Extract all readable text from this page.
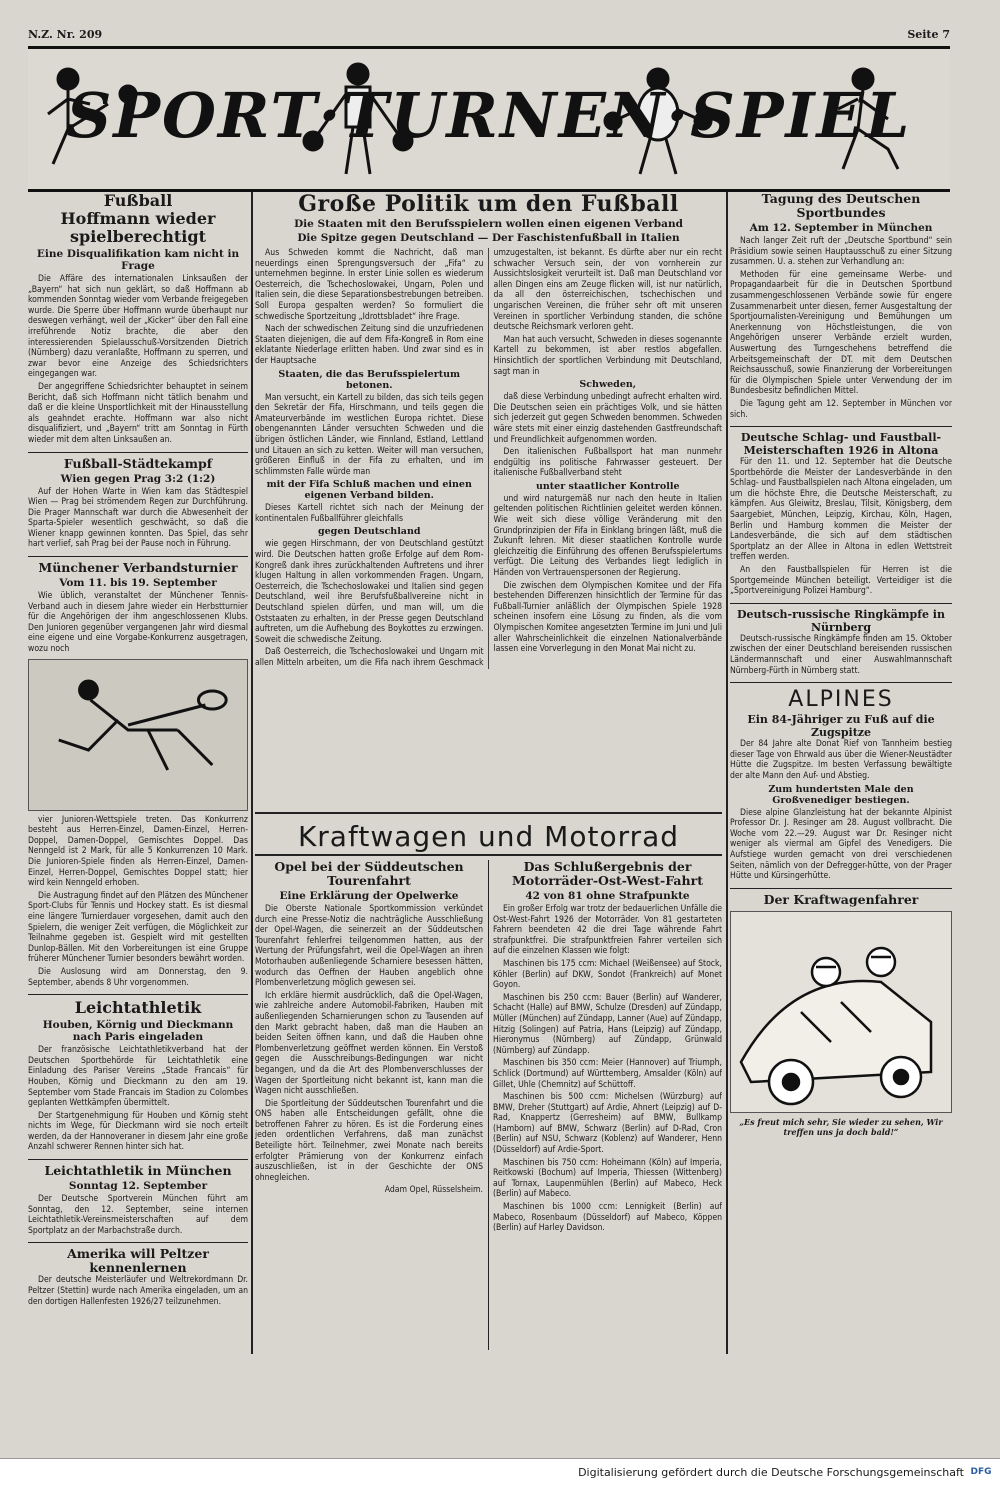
N.Z. Nr. 209	Seite 7
SPORT·TURNEN·SPIEL
Fußball
Hoffmann wieder spielberechtigt
Eine Disqualifikation kam nicht in Frage

Die Affäre des internationalen Linksaußen der „Bayern“ hat sich nun geklärt, so daß Hoffmann ab kommenden Sonntag wieder vom Verbande freigegeben wurde. Die Sperre über Hoffmann wurde überhaupt nur deswegen verhängt, weil der „Kicker“ über den Fall eine irreführende Notiz brachte, die aber den interessierenden Spielausschuß-Vorsitzenden Dietrich (Nürnberg) dazu veranlaßte, Hoffmann zu sperren, und zwar bevor eine Anzeige des Schiedsrichters eingegangen war.

Der angegriffene Schiedsrichter behauptet in seinem Bericht, daß sich Hoffmann nicht tätlich benahm und daß er die kleine Unsportlichkeit mit der Hinausstellung als geahndet erachte. Hoffmann war also nicht disqualifiziert, und „Bayern“ tritt am Sonntag in Fürth wieder mit dem alten Linksaußen an.

Fußball-Städtekampf
Wien gegen Prag 3:2 (1:2)

Auf der Hohen Warte in Wien kam das Städtespiel Wien — Prag bei strömendem Regen zur Durchführung. Die Prager Mannschaft war durch die Abwesenheit der Sparta-Spieler wesentlich geschwächt, so daß die Wiener knapp gewinnen konnten. Das Spiel, das sehr hart verlief, sah Prag bei der Pause noch in Führung.

Münchener Verbandsturnier
Vom 11. bis 19. September

Wie üblich, veranstaltet der Münchener Tennis-Verband auch in diesem Jahre wieder ein Herbstturnier für die Angehörigen der ihm angeschlossenen Klubs. Den Junioren gegenüber vergangenen Jahr wird diesmal eine eigene und eine Vorgabe-Konkurrenz ausgetragen, wozu noch

vier Junioren-Wettspiele treten. Das Konkurrenz besteht aus Herren-Einzel, Damen-Einzel, Herren-Doppel, Damen-Doppel, Gemischtes Doppel. Das Nenngeld ist 2 Mark, für alle 5 Konkurrenzen 10 Mark. Die Junioren-Spiele finden als Herren-Einzel, Damen-Einzel, Herren-Doppel, Gemischtes Doppel statt; hier wird kein Nenngeld erhoben.

Die Austragung findet auf den Plätzen des Münchener Sport-Clubs für Tennis und Hockey statt. Es ist diesmal eine längere Turnierdauer vorgesehen, damit auch den Spielern, die weniger Zeit verfügen, die Möglichkeit zur Teilnahme gegeben ist. Gespielt wird mit gestellten Dunlop-Bällen. Mit den Vorbereitungen ist eine Gruppe früherer Münchener Turnier besonders bewährt worden.

Die Auslosung wird am Donnerstag, den 9. September, abends 8 Uhr vorgenommen.

Leichtathletik
Houben, Körnig und Dieckmann nach Paris eingeladen

Der französische Leichtathletikverband hat der Deutschen Sportbehörde für Leichtathletik eine Einladung des Pariser Vereins „Stade Francais“ für Houben, Körnig und Dieckmann zu den am 19. September vom Stade Francais im Stadion zu Colombes geplanten Wettkämpfen übermittelt.

Der Startgenehmigung für Houben und Körnig steht nichts im Wege, für Dieckmann wird sie noch erteilt werden, da der Hannoveraner in diesem Jahr eine große Anzahl schwerer Rennen hinter sich hat.

Leichtathletik in München
Sonntag 12. September

Der Deutsche Sportverein München führt am Sonntag, den 12. September, seine internen Leichtathletik-Vereinsmeisterschaften auf dem Sportplatz an der Marbachstraße durch.

Amerika will Peltzer kennenlernen

Der deutsche Meisterläufer und Weltrekordmann Dr. Peltzer (Stettin) wurde nach Amerika eingeladen, um an den dortigen Hallenfesten 1926/27 teilzunehmen.

Große Politik um den Fußball
Die Staaten mit den Berufsspielern wollen einen eigenen Verband
Die Spitze gegen Deutschland — Der Faschistenfußball in Italien

Aus Schweden kommt die Nachricht, daß man neuerdings einen Sprengungsversuch der „Fifa“ zu unternehmen beginne. In erster Linie sollen es wiederum Oesterreich, die Tschechoslowakei, Ungarn, Polen und Italien sein, die diese Separationsbestrebungen betreiben. Soll Europa gespalten werden? So formuliert die schwedische Sportzeitung „Idrottsbladet“ ihre Frage.

Nach der schwedischen Zeitung sind die unzufriedenen Staaten diejenigen, die auf dem Fifa-Kongreß in Rom eine eklatante Niederlage erlitten haben. Und zwar sind es in der Hauptsache

Staaten, die das Berufsspielertum betonen.

Man versucht, ein Kartell zu bilden, das sich teils gegen den Sekretär der Fifa, Hirschmann, und teils gegen die Amateurverbände im westlichen Europa richtet. Diese obengenannten Länder versuchten Schweden und die übrigen östlichen Länder, wie Finnland, Estland, Lettland und Litauen an sich zu ketten. Weiter will man versuchen, größeren Einfluß in der Fifa zu erhalten, und im schlimmsten Falle würde man

mit der Fifa Schluß machen und einen eigenen Verband bilden.

Dieses Kartell richtet sich nach der Meinung der kontinentalen Fußballführer gleichfalls

gegen Deutschland

wie gegen Hirschmann, der von Deutschland gestützt wird. Die Deutschen hatten große Erfolge auf dem Rom-Kongreß dank ihres zurückhaltenden Auftretens und ihrer klugen Haltung in allen vorkommenden Fragen. Ungarn, Oesterreich, die Tschechoslowakei und Italien sind gegen Deutschland, weil ihre Berufsfußballvereine nicht in Deutschland spielen dürfen, und man will, um die Oststaaten zu erhalten, in der Presse gegen Deutschland auftreten, um die Aufhebung des Boykottes zu erzwingen. Soweit die schwedische Zeitung.

Daß Oesterreich, die Tschechoslowakei und Ungarn mit allen Mitteln arbeiten, um die Fifa nach ihrem Geschmack umzugestalten, ist bekannt. Es dürfte aber nur ein recht schwacher Versuch sein, der von vornherein zur Aussichtslosigkeit verurteilt ist. Daß man Deutschland vor allen Dingen eins am Zeuge flicken will, ist nur natürlich, da all den österreichischen, tschechischen und ungarischen Vereinen, die früher sehr oft mit unseren Vereinen in sportlicher Verbindung standen, die schöne deutsche Reichsmark verloren geht.

Man hat auch versucht, Schweden in dieses sogenannte Kartell zu bekommen, ist aber restlos abgefallen. Hinsichtlich der sportlichen Verbindung mit Deutschland, sagt man in

Schweden,

daß diese Verbindung unbedingt aufrecht erhalten wird. Die Deutschen seien ein prächtiges Volk, und sie hätten sich jederzeit gut gegen Schweden benommen. Schweden wäre stets mit einer einzig dastehenden Gastfreundschaft und Freundlichkeit aufgenommen worden.

Den italienischen Fußballsport hat man nunmehr endgültig ins politische Fahrwasser gesteuert. Der italienische Fußballverband steht

unter staatlicher Kontrolle

und wird naturgemäß nur nach den heute in Italien geltenden politischen Richtlinien geleitet werden können. Wie weit sich diese völlige Veränderung mit den Grundprinzipien der Fifa in Einklang bringen läßt, muß die Zukunft lehren. Mit dieser staatlichen Kontrolle wurde gleichzeitig die Einführung des offenen Berufsspielertums verfügt. Die Leitung des Verbandes liegt lediglich in Händen von Vertrauenspersonen der Regierung.

Die zwischen dem Olympischen Komitee und der Fifa bestehenden Differenzen hinsichtlich der Termine für das Fußball-Turnier anläßlich der Olympischen Spiele 1928 scheinen insofern eine Lösung zu finden, als die vom Olympischen Komitee angesetzten Termine im Juni und Juli aller Wahrscheinlichkeit die einzelnen Nationalverbände lassen eine Vorverlegung in den Monat Mai nicht zu.

Kraftwagen und Motorrad
Opel bei der Süddeutschen Tourenfahrt
Eine Erklärung der Opelwerke

Die Oberste Nationale Sportkommission verkündet durch eine Presse-Notiz die nachträgliche Ausschließung der Opel-Wagen, die seinerzeit an der Süddeutschen Tourenfahrt fehlerfrei teilgenommen hatten, aus der Wertung der Prüfungsfahrt, weil die Opel-Wagen an ihren Motorhauben außenliegende Scharniere besessen hätten, wodurch das Oeffnen der Hauben angeblich ohne Plombenverletzung möglich gewesen sei.

Ich erkläre hiermit ausdrücklich, daß die Opel-Wagen, wie zahlreiche andere Automobil-Fabriken, Hauben mit außenliegenden Scharnierungen schon zu Tausenden auf den Markt gebracht haben, daß man die Hauben an beiden Seiten öffnen kann, und daß die Hauben ohne Plombenverletzung geöffnet werden können. Ein Verstoß gegen die Ausschreibungs-Bedingungen war nicht begangen, und da die Art des Plombenverschlusses der Wagen der Sportleitung nicht bekannt ist, kann man die Wagen nicht ausschließen.

Die Sportleitung der Süddeutschen Tourenfahrt und die ONS haben alle Entscheidungen gefällt, ohne die betroffenen Fahrer zu hören. Es ist die Forderung eines jeden ordentlichen Verfahrens, daß man zunächst Beteiligte hört. Teilnehmer, zwei Monate nach bereits erfolgter Prämierung von der Konkurrenz einfach auszuschließen, ist in der Geschichte der ONS ohnegleichen.

Adam Opel, Rüsselsheim.

Das Schlußergebnis der Motorräder-Ost-West-Fahrt
42 von 81 ohne Strafpunkte

Ein großer Erfolg war trotz der bedauerlichen Unfälle die Ost-West-Fahrt 1926 der Motorräder. Von 81 gestarteten Fahrern beendeten 42 die drei Tage währende Fahrt strafpunktfrei. Die strafpunktfreien Fahrer verteilen sich auf die einzelnen Klassen wie folgt:

Maschinen bis 175 ccm: Michael (Weißensee) auf Stock, Köhler (Berlin) auf DKW, Sondot (Frankreich) auf Monet Goyon.

Maschinen bis 250 ccm: Bauer (Berlin) auf Wanderer, Schacht (Halle) auf BMW, Schulze (Dresden) auf Zündapp, Müller (München) auf Zündapp, Lanner (Aue) auf Zündapp, Hitzig (Solingen) auf Patria, Hans (Leipzig) auf Zündapp, Hieronymus (Nürnberg) auf Zündapp, Grünwald (Nürnberg) auf Zündapp.

Maschinen bis 350 ccm: Meier (Hannover) auf Triumph, Schlick (Dortmund) auf Württemberg, Amsalder (Köln) auf Gillet, Uhle (Chemnitz) auf Schüttoff.

Maschinen bis 500 ccm: Michelsen (Würzburg) auf BMW, Dreher (Stuttgart) auf Ardie, Ahnert (Leipzig) auf D-Rad, Knappertz (Gerresheim) auf BMW, Bullkamp (Hamborn) auf BMW, Schwarz (Berlin) auf D-Rad, Cron (Berlin) auf NSU, Schwarz (Koblenz) auf Wanderer, Henn (Düsseldorf) auf Ardie-Sport.

Maschinen bis 750 ccm: Hoheimann (Köln) auf Imperia, Reitkowski (Bochum) auf Imperia, Thiessen (Wittenberg) auf Tornax, Laupenmühlen (Berlin) auf Mabeco, Heck (Berlin) auf Mabeco.

Maschinen bis 1000 ccm: Lennigkeit (Berlin) auf Mabeco, Rosenbaum (Düsseldorf) auf Mabeco, Köppen (Berlin) auf Harley Davidson.

Tagung des Deutschen Sportbundes
Am 12. September in München

Nach langer Zeit ruft der „Deutsche Sportbund“ sein Präsidium sowie seinen Hauptausschuß zu einer Sitzung zusammen. U. a. stehen zur Verhandlung an:

Methoden für eine gemeinsame Werbe- und Propagandaarbeit für die in Deutschen Sportbund zusammengeschlossenen Verbände sowie für engere Zusammenarbeit unter diesen, ferner Ausgestaltung der Sportjournalisten-Vereinigung und Bemühungen um Anerkennung von Höchstleistungen, die von Angehörigen unserer Verbände erzielt wurden, Auswertung des Turngeschehens betreffend die Arbeitsgemeinschaft der DT. mit dem Deutschen Reichsausschuß, sowie Finanzierung der Vorbereitungen für die Olympischen Spiele unter Verwendung der im Bundesbesitz befindlichen Mittel.

Die Tagung geht am 12. September in München vor sich.

Deutsche Schlag- und Faustball-Meisterschaften 1926 in Altona

Für den 11. und 12. September hat die Deutsche Sportbehörde die Meister der Landesverbände in den Schlag- und Faustballspielen nach Altona eingeladen, um um die höchste Ehre, die Deutsche Meisterschaft, zu kämpfen. Aus Gleiwitz, Breslau, Tilsit, Königsberg, dem Saargebiet, München, Leipzig, Kirchau, Köln, Hagen, Berlin und Hamburg kommen die Meister der Landesverbände, die sich auf dem städtischen Sportplatz an der Allee in Altona in edlen Wettstreit treffen werden.

An den Faustballspielen für Herren ist die Sportgemeinde München beteiligt. Verteidiger ist die „Sportvereinigung Polizei Hamburg“.

Deutsch-russische Ringkämpfe in Nürnberg

Deutsch-russische Ringkämpfe finden am 15. Oktober zwischen der einer Deutschland bereisenden russischen Ländermannschaft und einer Auswahlmannschaft Nürnberg-Fürth in Nürnberg statt.

ALPINES
Ein 84-Jähriger zu Fuß auf die Zugspitze

Der 84 Jahre alte Donat Rief von Tannheim bestieg dieser Tage von Ehrwald aus über die Wiener-Neustädter Hütte die Zugspitze. Im besten Verfassung bewältigte der alte Mann den Auf- und Abstieg.

Zum hundertsten Male den Großvenediger bestiegen.

Diese alpine Glanzleistung hat der bekannte Alpinist Professor Dr. J. Resinger am 28. August vollbracht. Die Woche vom 22.—29. August war Dr. Resinger nicht weniger als viermal am Gipfel des Venedigers. Die Aufstiege wurden gemacht von drei verschiedenen Seiten, nämlich von der Defregger-hütte, von der Prager Hütte und Kürsingerhütte.

Der Kraftwagenfahrer
„Es freut mich sehr, Sie wieder zu sehen, Wir treffen uns ja doch bald!“
Digitalisierung gefördert durch die Deutsche Forschungsgemeinschaft DFG
